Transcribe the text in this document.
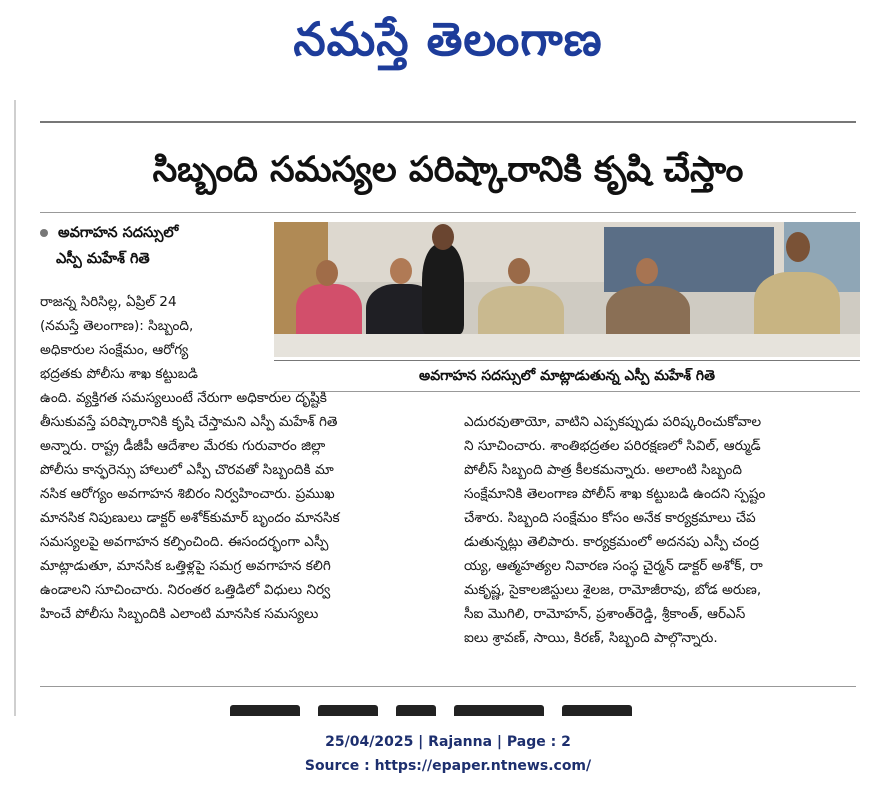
నమస్తే తెలంగాణ
సిబ్బంది సమస్యల పరిష్కారానికి కృషి చేస్తాం
అవగాహన సదస్సులో
ఎస్పీ మహేశ్ గితె
అవగాహన సదస్సులో మాట్లాడుతున్న ఎస్పీ మహేశ్ గితె
రాజన్న సిరిసిల్ల, ఏప్రిల్ 24
(నమస్తే తెలంగాణ): సిబ్బంది,
అధికారుల సంక్షేమం, ఆరోగ్య
భద్రతకు పోలీసు శాఖ కట్టుబడి
ఉంది. వ్యక్తిగత సమస్యలుంటే నేరుగా అధికారుల దృష్టికి
తీసుకువస్తే పరిష్కారానికి కృషి చేస్తామని ఎస్పీ మహేశ్ గితె
అన్నారు. రాష్ట్ర డీజీపీ ఆదేశాల మేరకు గురువారం జిల్లా
పోలీసు కాన్ఫరెన్సు హాలులో ఎస్పీ చొరవతో సిబ్బందికి మా
నసిక ఆరోగ్యం అవగాహన శిబిరం నిర్వహించారు. ప్రముఖ
మానసిక నిపుణులు డాక్టర్ అశోక్‌కుమార్ బృందం మానసిక
సమస్యలపై అవగాహన కల్పించింది. ఈసందర్భంగా ఎస్పీ
మాట్లాడుతూ, మానసిక ఒత్తిళ్లపై సమగ్ర అవగాహన కలిగి
ఉండాలని సూచించారు. నిరంతర ఒత్తిడిలో విధులు నిర్వ
హించే పోలీసు సిబ్బందికి ఎలాంటి మానసిక సమస్యలు
ఎదురవుతాయో, వాటిని ఎప్పకప్పుడు పరిష్కరించుకోవాల
ని సూచించారు. శాంతిభద్రతల పరిరక్షణలో సివిల్, ఆర్ముడ్
పోలీస్ సిబ్బంది పాత్ర కీలకమన్నారు. అలాంటి సిబ్బంది
సంక్షేమానికి తెలంగాణ పోలీస్ శాఖ కట్టుబడి ఉందని స్పష్టం
చేశారు. సిబ్బంది సంక్షేమం కోసం అనేక కార్యక్రమాలు చేప
డుతున్నట్లు తెలిపారు. కార్యక్రమంలో అదనపు ఎస్పీ చంద్ర
య్య, ఆత్మహత్యల నివారణ సంస్థ చైర్మన్ డాక్టర్ అశోక్, రా
మకృష్ణ, సైకాలజిస్టులు శైలజ, రామోజీరావు, బోడ అరుణ,
సీఐ మొగిలి, రామోహన్, ప్రశాంత్‌రెడ్డి, శ్రీకాంత్, ఆర్ఎస్
ఐలు శ్రావణ్, సాయి, కిరణ్, సిబ్బంది పాల్గొన్నారు.
25/04/2025 | Rajanna | Page : 2
Source : https://epaper.ntnews.com/
